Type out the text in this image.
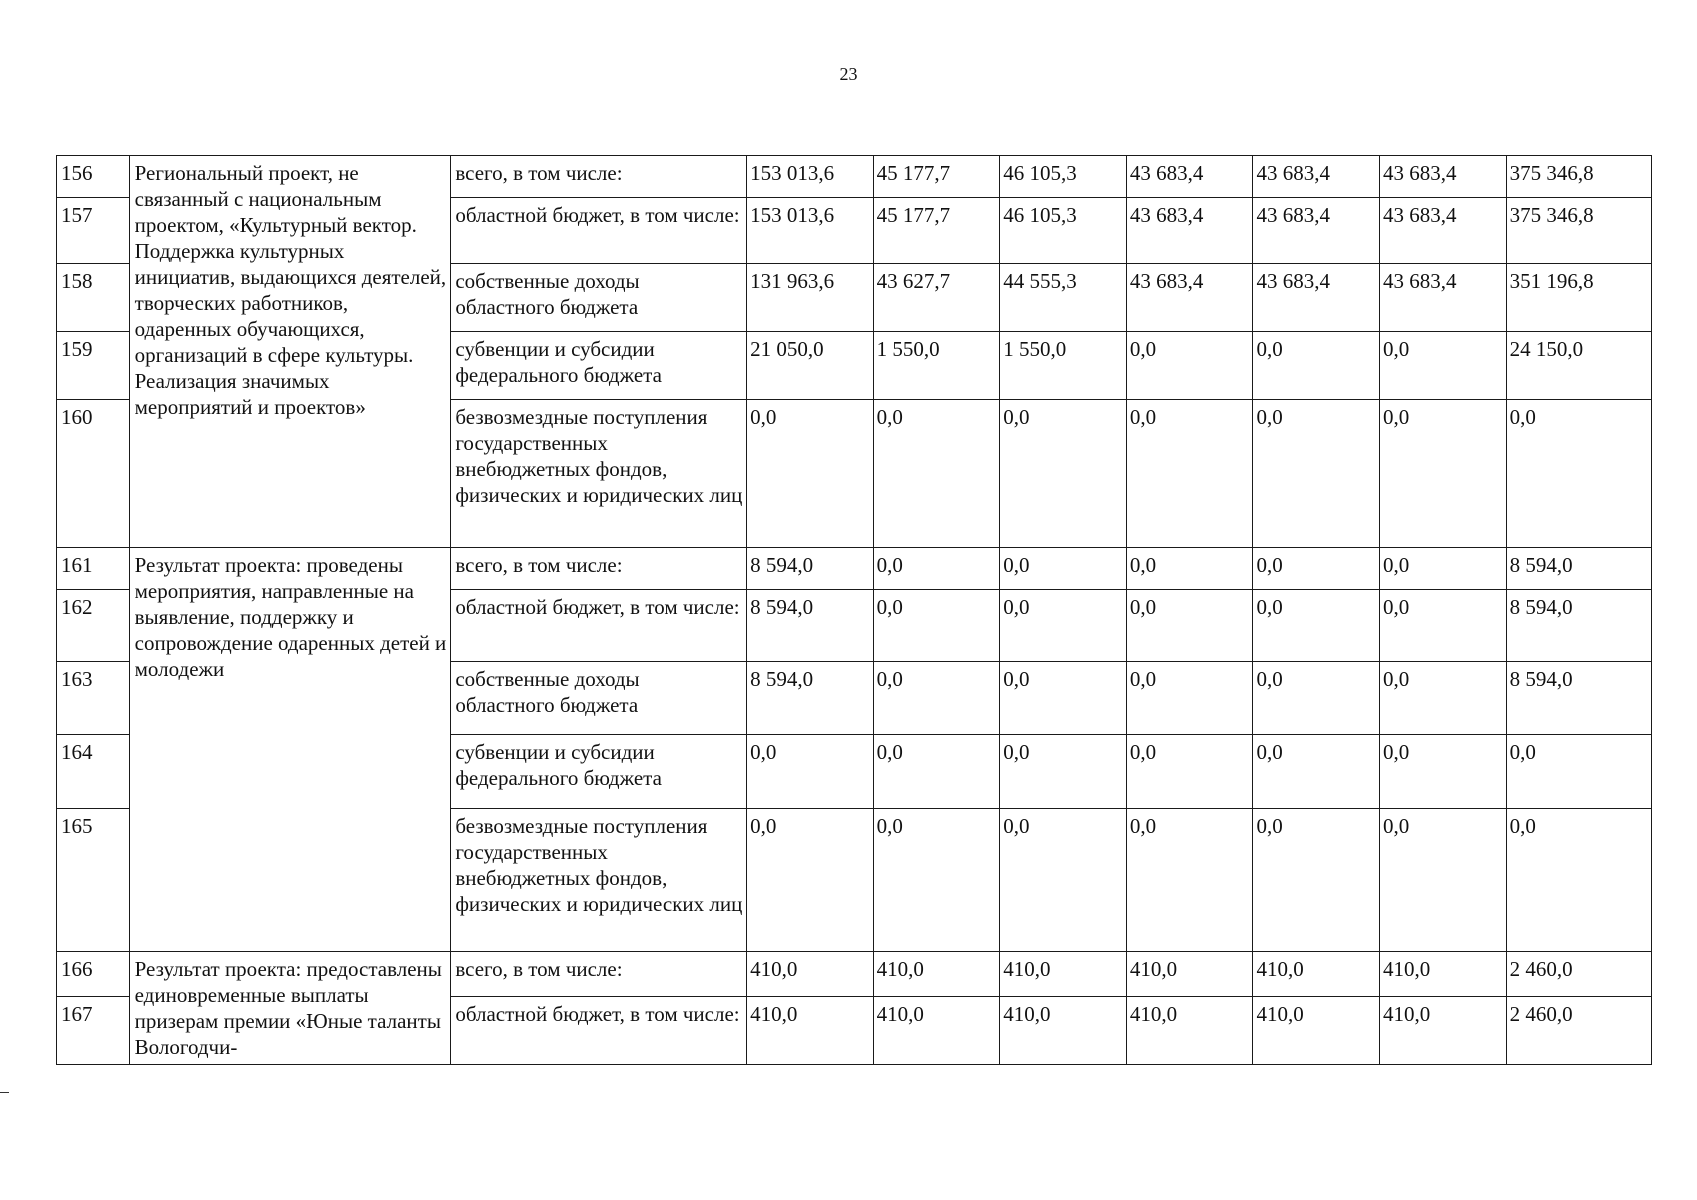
23
156	Региональный проект, не связанный с национальным проектом, «Культурный вектор. Поддержка культурных инициатив, выдающихся деятелей, творческих работников, одаренных обучающихся, организаций в сфере культуры. Реализация значимых мероприятий и проектов»	всего, в том числе:	153 013,6	45 177,7	46 105,3	43 683,4	43 683,4	43 683,4	375 346,8
157		областной бюджет, в том числе:	153 013,6	45 177,7	46 105,3	43 683,4	43 683,4	43 683,4	375 346,8
158		собственные доходы областного бюджета	131 963,6	43 627,7	44 555,3	43 683,4	43 683,4	43 683,4	351 196,8
159		субвенции и субсидии федерального бюджета	21 050,0	1 550,0	1 550,0	0,0	0,0	0,0	24 150,0
160		безвозмездные поступления государственных внебюджетных фондов, физических и юридических лиц	0,0	0,0	0,0	0,0	0,0	0,0	0,0
161	Результат проекта: проведены мероприятия, направленные на выявление, поддержку и сопровождение одаренных детей и молодежи	всего, в том числе:	8 594,0	0,0	0,0	0,0	0,0	0,0	8 594,0
162		областной бюджет, в том числе:	8 594,0	0,0	0,0	0,0	0,0	0,0	8 594,0
163		собственные доходы областного бюджета	8 594,0	0,0	0,0	0,0	0,0	0,0	8 594,0
164		субвенции и субсидии федерального бюджета	0,0	0,0	0,0	0,0	0,0	0,0	0,0
165		безвозмездные поступления государственных внебюджетных фондов, физических и юридических лиц	0,0	0,0	0,0	0,0	0,0	0,0	0,0
166	Результат проекта: предоставлены единовременные выплаты призерам премии «Юные таланты Вологодчи-	всего, в том числе:	410,0	410,0	410,0	410,0	410,0	410,0	2 460,0
167		областной бюджет, в том числе:	410,0	410,0	410,0	410,0	410,0	410,0	2 460,0
